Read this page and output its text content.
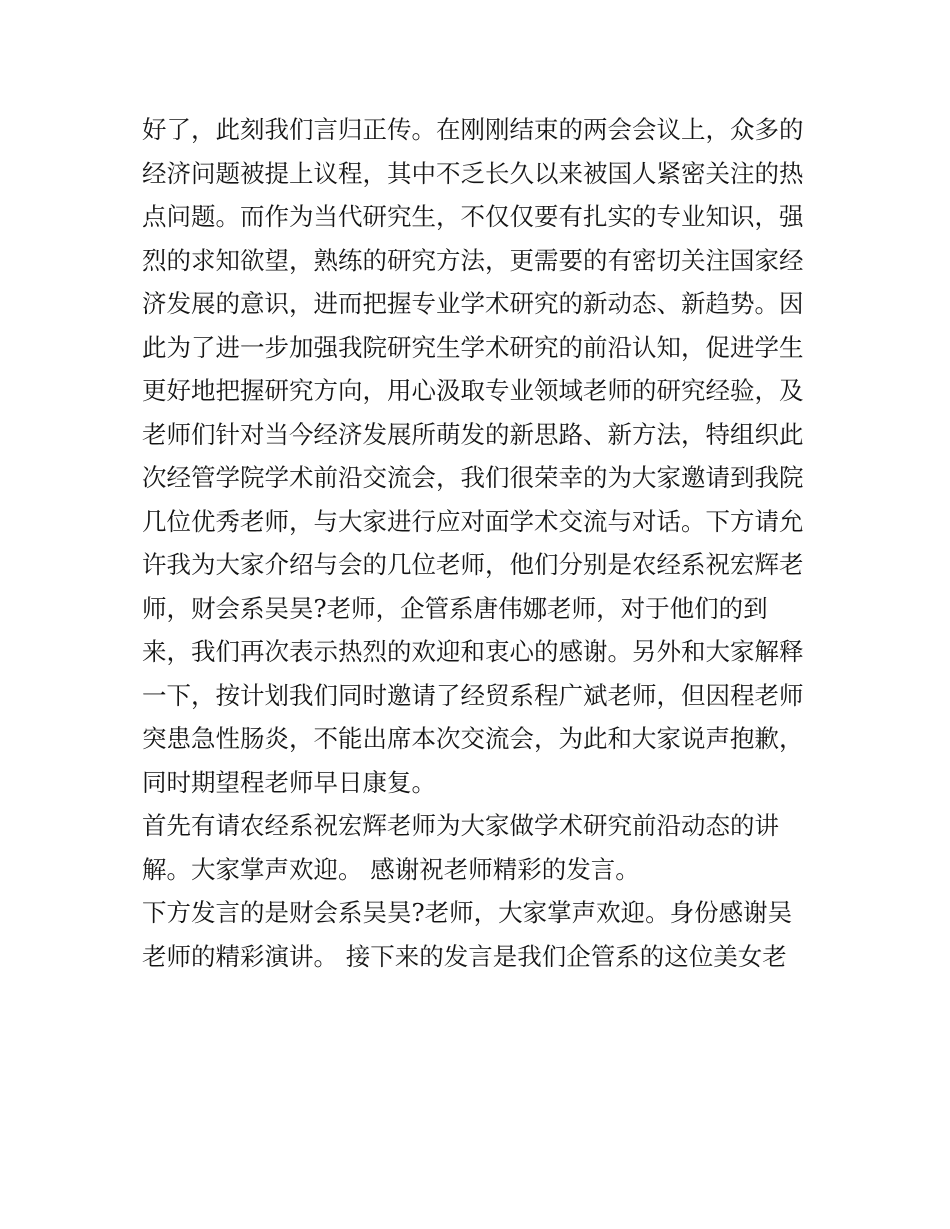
好了，此刻我们言归正传。在刚刚结束的两会会议上，众多的
经济问题被提上议程，其中不乏长久以来被国人紧密关注的热
点问题。而作为当代研究生，不仅仅要有扎实的专业知识，强
烈的求知欲望，熟练的研究方法，更需要的有密切关注国家经
济发展的意识，进而把握专业学术研究的新动态、新趋势。因
此为了进一步加强我院研究生学术研究的前沿认知，促进学生
更好地把握研究方向，用心汲取专业领域老师的研究经验，及
老师们针对当今经济发展所萌发的新思路、新方法，特组织此
次经管学院学术前沿交流会，我们很荣幸的为大家邀请到我院
几位优秀老师，与大家进行应对面学术交流与对话。下方请允
许我为大家介绍与会的几位老师，他们分别是农经系祝宏辉老
师，财会系吴昊?老师，企管系唐伟娜老师，对于他们的到
来，我们再次表示热烈的欢迎和衷心的感谢。另外和大家解释
一下，按计划我们同时邀请了经贸系程广斌老师，但因程老师
突患急性肠炎，不能出席本次交流会，为此和大家说声抱歉，
同时期望程老师早日康复。
首先有请农经系祝宏辉老师为大家做学术研究前沿动态的讲
解。大家掌声欢迎。 感谢祝老师精彩的发言。
下方发言的是财会系吴昊?老师，大家掌声欢迎。身份感谢吴
老师的精彩演讲。 接下来的发言是我们企管系的这位美女老
